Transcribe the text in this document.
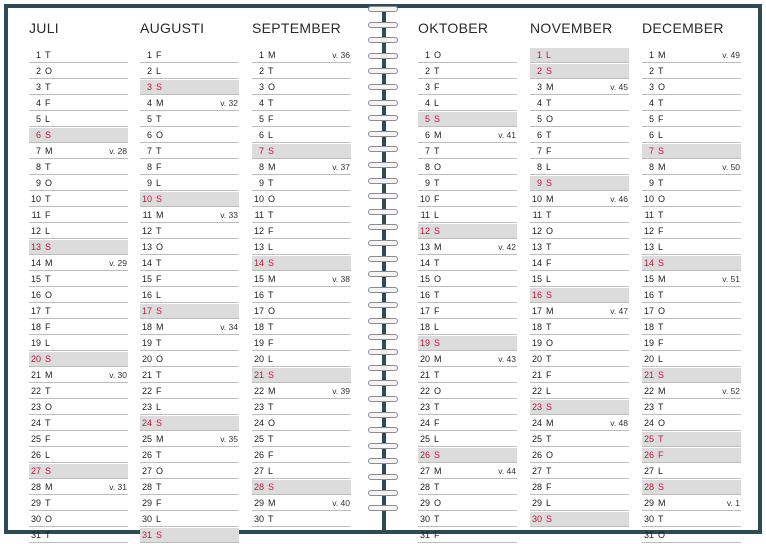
JULI
1 T
2 O
3 T
4 F
5 L
6 S
7 M	v. 28
8 T
9 O
10 T
11 F
12 L
13 S
14 M	v. 29
15 T
16 O
17 T
18 F
19 L
20 S
21 M	v. 30
22 T
23 O
24 T
25 F
26 L
27 S
28 M	v. 31
29 T
30 O
31 T
AUGUSTI
1 F
2 L
3 S
4 M	v. 32
5 T
6 O
7 T
8 F
9 L
10 S
11 M	v. 33
12 T
13 O
14 T
15 F
16 L
17 S
18 M	v. 34
19 T
20 O
21 T
22 F
23 L
24 S
25 M	v. 35
26 T
27 O
28 T
29 F
30 L
31 S
SEPTEMBER
1 M	v. 36
2 T
3 O
4 T
5 F
6 L
7 S
8 M	v. 37
9 T
10 O
11 T
12 F
13 L
14 S
15 M	v. 38
16 T
17 O
18 T
19 F
20 L
21 S
22 M	v. 39
23 T
24 O
25 T
26 F
27 L
28 S
29 M	v. 40
30 T
OKTOBER
1 O
2 T
3 F
4 L
5 S
6 M	v. 41
7 T
8 O
9 T
10 F
11 L
12 S
13 M	v. 42
14 T
15 O
16 T
17 F
18 L
19 S
20 M	v. 43
21 T
22 O
23 T
24 F
25 L
26 S
27 M	v. 44
28 T
29 O
30 T
31 F
NOVEMBER
1 L
2 S
3 M	v. 45
4 T
5 O
6 T
7 F
8 L
9 S
10 M	v. 46
11 T
12 O
13 T
14 F
15 L
16 S
17 M	v. 47
18 T
19 O
20 T
21 F
22 L
23 S
24 M	v. 48
25 T
26 O
27 T
28 F
29 L
30 S
DECEMBER
1 M	v. 49
2 T
3 O
4 T
5 F
6 L
7 S
8 M	v. 50
9 T
10 O
11 T
12 F
13 L
14 S
15 M	v. 51
16 T
17 O
18 T
19 F
20 L
21 S
22 M	v. 52
23 T
24 O
25 T
26 F
27 L
28 S
29 M	v. 1
30 T
31 O
